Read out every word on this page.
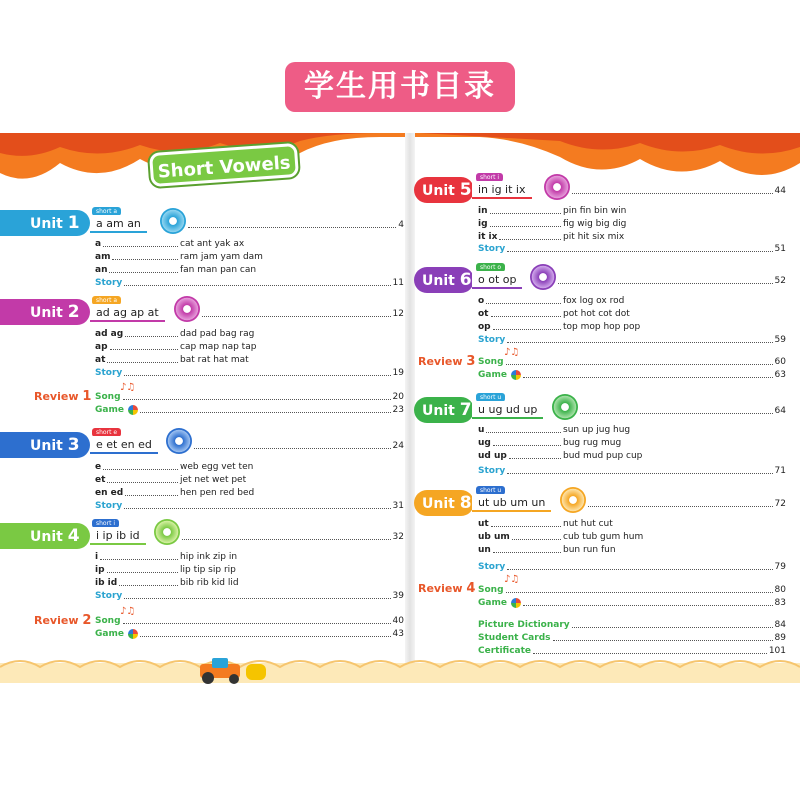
学生用书目录
Short Vowels
Unit 1
short a
a am an	4
a	cat ant yak ax
am	ram jam yam dam
an	fan man pan can
Story	11
Unit 2
short a
ad ag ap at	12
ad ag	dad pad bag rag
ap	cap map nap tap
at	bat rat hat mat
Story	19
Review 1
♪♫
Song	20
Game	23
Unit 3
short e
e et en ed	24
e	web egg vet ten
et	jet net wet pet
en ed	hen pen red bed
Story	31
Unit 4
short i
i ip ib id	32
i	hip ink zip in
ip	lip tip sip rip
ib id	bib rib kid lid
Story	39
Review 2
♪♫
Song	40
Game	43
Unit 5
short i
in ig it ix	44
in	pin fin bin win
ig	fig wig big dig
it ix	pit hit six mix
Story	51
Unit 6
short o
o ot op	52
o	fox log ox rod
ot	pot hot cot dot
op	top mop hop pop
Story	59
Review 3
♪♫
Song	60
Game	63
Unit 7
short u
u ug ud up	64
u	sun up jug hug
ug	bug rug mug
ud up	bud mud pup cup
Story	71
Unit 8
short u
ut ub um un	72
ut	nut hut cut
ub um	cub tub gum hum
un	bun run fun
Story	79
Review 4
♪♫
Song	80
Game	83
Picture Dictionary	84
Student Cards	89
Certificate	101
